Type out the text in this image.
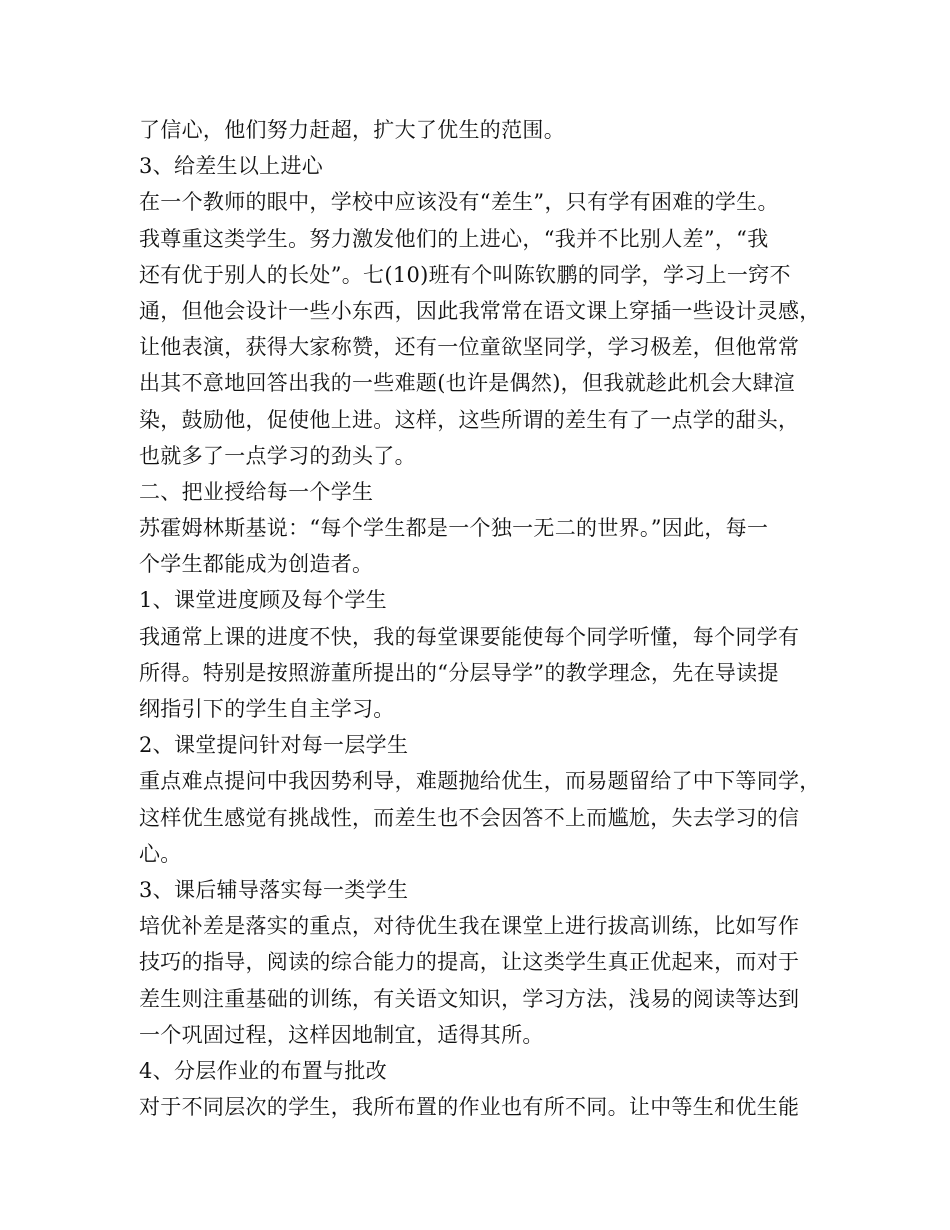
了信心，他们努力赶超，扩大了优生的范围。
3、给差生以上进心
在一个教师的眼中，学校中应该没有“差生”，只有学有困难的学生。
我尊重这类学生。努力激发他们的上进心，“我并不比别人差”，“我
还有优于别人的长处”。七(10)班有个叫陈钦鹏的同学，学习上一窍不
通，但他会设计一些小东西，因此我常常在语文课上穿插一些设计灵感，
让他表演，获得大家称赞，还有一位童欲坚同学，学习极差，但他常常
出其不意地回答出我的一些难题(也许是偶然)，但我就趁此机会大肆渲
染，鼓励他，促使他上进。这样，这些所谓的差生有了一点学的甜头，
也就多了一点学习的劲头了。
二、把业授给每一个学生
苏霍姆林斯基说：“每个学生都是一个独一无二的世界。”因此，每一
个学生都能成为创造者。
1、课堂进度顾及每个学生
我通常上课的进度不快，我的每堂课要能使每个同学听懂，每个同学有
所得。特别是按照游董所提出的“分层导学”的教学理念，先在导读提
纲指引下的学生自主学习。
2、课堂提问针对每一层学生
重点难点提问中我因势利导，难题抛给优生，而易题留给了中下等同学，
这样优生感觉有挑战性，而差生也不会因答不上而尴尬，失去学习的信
心。
3、课后辅导落实每一类学生
培优补差是落实的重点，对待优生我在课堂上进行拔高训练，比如写作
技巧的指导，阅读的综合能力的提高，让这类学生真正优起来，而对于
差生则注重基础的训练，有关语文知识，学习方法，浅易的阅读等达到
一个巩固过程，这样因地制宜，适得其所。
4、分层作业的布置与批改
对于不同层次的学生，我所布置的作业也有所不同。让中等生和优生能
